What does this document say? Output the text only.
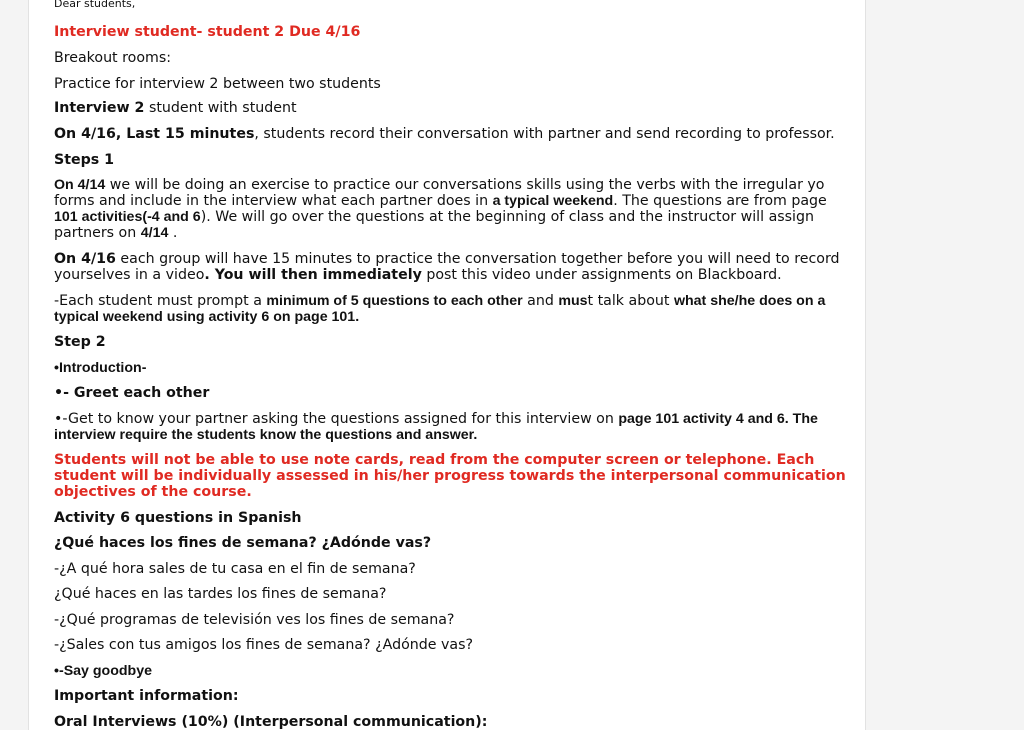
Dear students,
Interview student- student 2 Due 4/16
Breakout rooms:
Practice for interview 2 between two students
Interview 2 student with student
On 4/16, Last 15 minutes, students record their conversation with partner and send recording to professor.
Steps 1
On 4/14 we will be doing an exercise to practice our conversations skills using the verbs with the irregular yo forms and include in the interview what each partner does in a typical weekend. The questions are from page 101 activities(-4 and 6). We will go over the questions at the beginning of class and the instructor will assign partners on 4/14 .
On 4/16 each group will have 15 minutes to practice the conversation together before you will need to record yourselves in a video. You will then immediately post this video under assignments on Blackboard.
-Each student must prompt a minimum of 5 questions to each other and must talk about what she/he does on a typical weekend using activity 6 on page 101.
Step 2
•Introduction-
•- Greet each other
•-Get to know your partner asking the questions assigned for this interview on page 101 activity 4 and 6. The interview require the students know the questions and answer.
Students will not be able to use note cards, read from the computer screen or telephone. Each student will be individually assessed in his/her progress towards the interpersonal communication objectives of the course.
Activity 6 questions in Spanish
¿Qué haces los fines de semana? ¿Adónde vas?
-¿A qué hora sales de tu casa en el fin de semana?
¿Qué haces en las tardes los fines de semana?
-¿Qué programas de televisión ves los fines de semana?
-¿Sales con tus amigos los fines de semana? ¿Adónde vas?
•-Say goodbye
Important information:
Oral Interviews (10%) (Interpersonal communication):
